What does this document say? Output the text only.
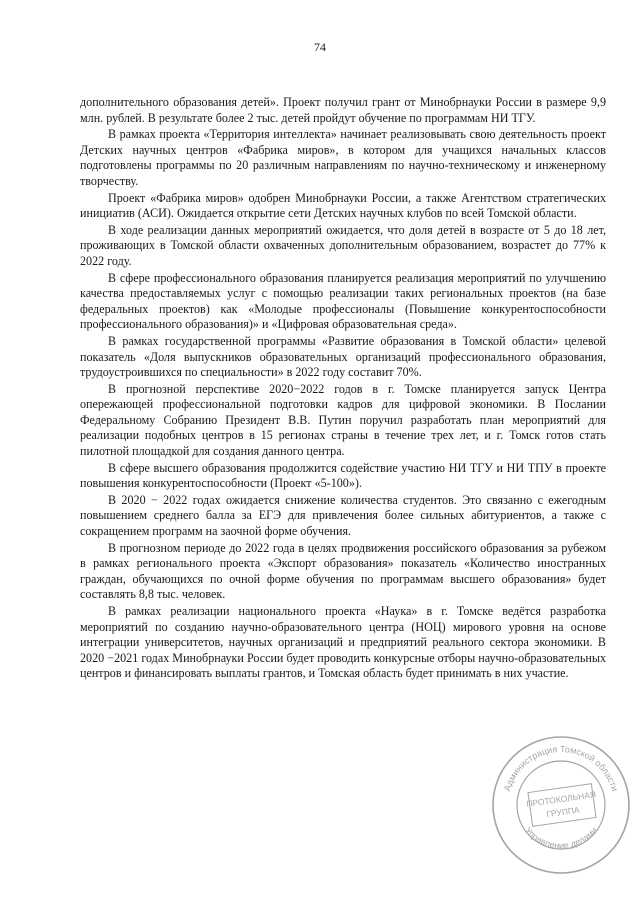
74

дополнительного образования детей». Проект получил грант от Минобрнауки России в размере 9,9 млн. рублей. В результате более 2 тыс. детей пройдут обучение по программам НИ ТГУ.

В рамках проекта «Территория интеллекта» начинает реализовывать свою деятельность проект Детских научных центров «Фабрика миров», в котором для учащихся начальных классов подготовлены программы по 20 различным направлениям по научно-техническому и инженерному творчеству.

Проект «Фабрика миров» одобрен Минобрнауки России, а также Агентством стратегических инициатив (АСИ). Ожидается открытие сети Детских научных клубов по всей Томской области.

В ходе реализации данных мероприятий ожидается, что доля детей в возрасте от 5 до 18 лет, проживающих в Томской области охваченных дополнительным образованием, возрастет до 77% к 2022 году.

В сфере профессионального образования планируется реализация мероприятий по улучшению качества предоставляемых услуг с помощью реализации таких региональных проектов (на базе федеральных проектов) как «Молодые профессионалы (Повышение конкурентоспособности профессионального образования)» и «Цифровая образовательная среда».

В рамках государственной программы «Развитие образования в Томской области» целевой показатель «Доля выпускников образовательных организаций профессионального образования, трудоустроившихся по специальности» в 2022 году составит 70%.

В прогнозной перспективе 2020−2022 годов в г. Томске планируется запуск Центра опережающей профессиональной подготовки кадров для цифровой экономики. В Послании Федеральному Собранию Президент В.В. Путин поручил разработать план мероприятий для реализации подобных центров в 15 регионах страны в течение трех лет, и г. Томск готов стать пилотной площадкой для создания данного центра.

В сфере высшего образования продолжится содействие участию НИ ТГУ и НИ ТПУ в проекте повышения конкурентоспособности (Проект «5-100»).

В 2020 − 2022 годах ожидается снижение количества студентов. Это связанно с ежегодным повышением среднего балла за ЕГЭ для привлечения более сильных абитуриентов, а также с сокращением программ на заочной форме обучения.

В прогнозном периоде до 2022 года в целях продвижения российского образования за рубежом в рамках регионального проекта «Экспорт образования» показатель «Количество иностранных граждан, обучающихся по очной форме обучения по программам высшего образования» будет составлять 8,8 тыс. человек.

В рамках реализации национального проекта «Наука» в г. Томске ведётся разработка мероприятий по созданию научно-образовательного центра (НОЦ) мирового уровня на основе интеграции университетов, научных организаций и предприятий реального сектора экономики. В 2020 −2021 годах Минобрнауки России будет проводить конкурсные отборы научно-образовательных центров и финансировать выплаты грантов, и Томская область будет принимать в них участие.

Администрация Томской области
Управление делами
ПРОТОКОЛЬНАЯ
ГРУППА
